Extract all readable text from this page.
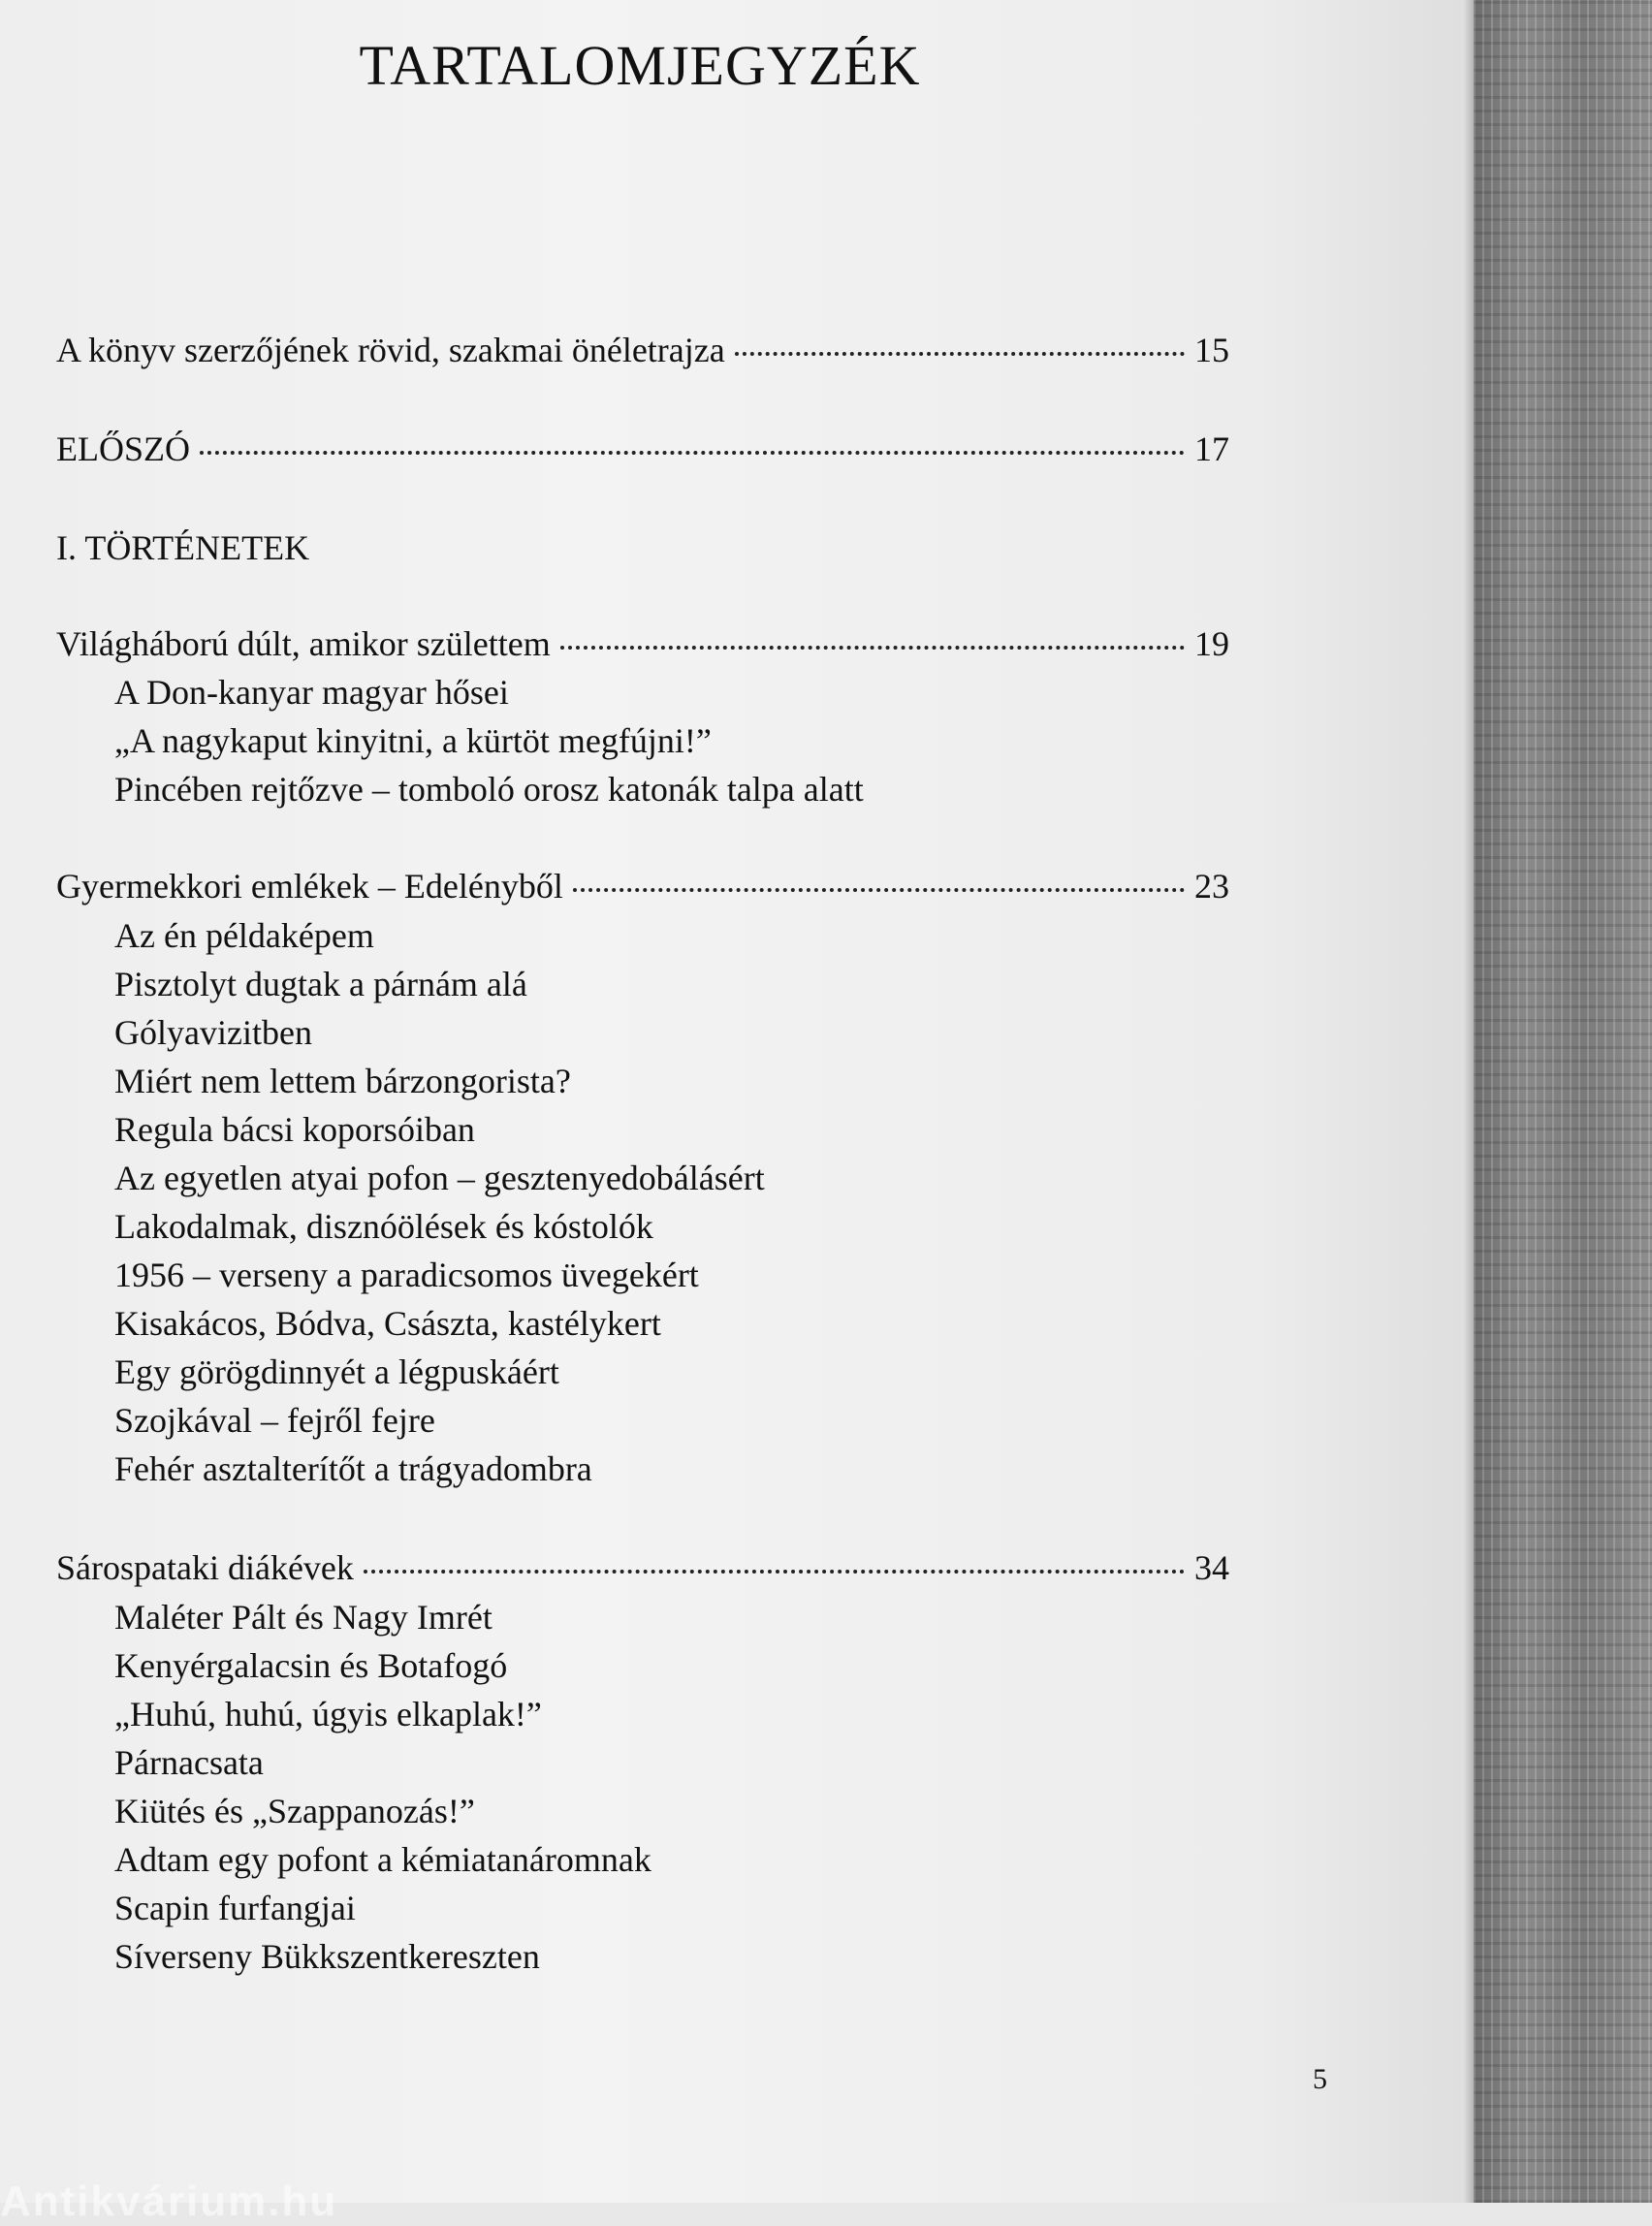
TARTALOMJEGYZÉK
A könyv szerzőjének rövid, szakmai önéletrajza	15
ELŐSZÓ	17
I. TÖRTÉNETEK
Világháború dúlt, amikor születtem	19
A Don-kanyar magyar hősei
„A nagykaput kinyitni, a kürtöt megfújni!”
Pincében rejtőzve – tomboló orosz katonák talpa alatt
Gyermekkori emlékek – Edelényből	23
Az én példaképem
Pisztolyt dugtak a párnám alá
Gólyavizitben
Miért nem lettem bárzongorista?
Regula bácsi koporsóiban
Az egyetlen atyai pofon – gesztenyedobálásért
Lakodalmak, disznóölések és kóstolók
1956 – verseny a paradicsomos üvegekért
Kisakácos, Bódva, Császta, kastélykert
Egy görögdinnyét a légpuskáért
Szojkával – fejről fejre
Fehér asztalterítőt a trágyadombra
Sárospataki diákévek	34
Maléter Pált és Nagy Imrét
Kenyérgalacsin és Botafogó
„Huhú, huhú, úgyis elkaplak!”
Párnacsata
Kiütés és „Szappanozás!”
Adtam egy pofont a kémiatanáromnak
Scapin furfangjai
Síverseny Bükkszentkereszten
5
Antikvárium.hu
